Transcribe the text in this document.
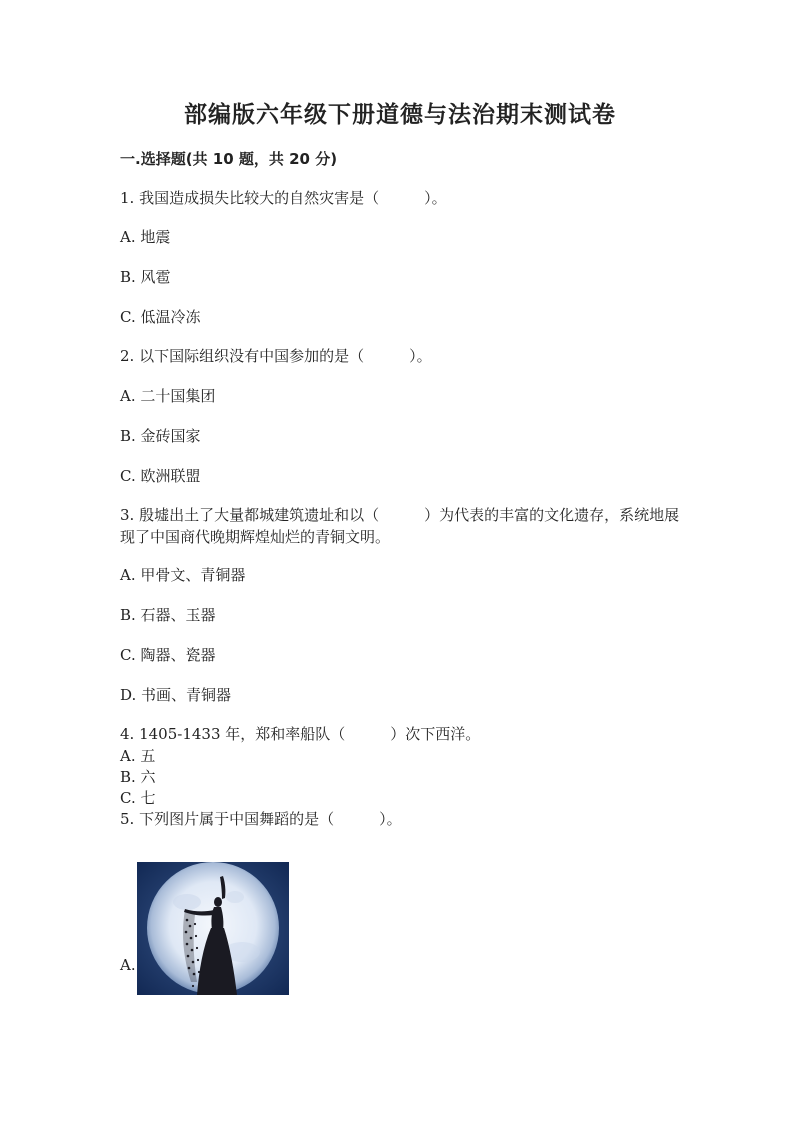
部编版六年级下册道德与法治期末测试卷
一.选择题(共 10 题，共 20 分)
1. 我国造成损失比较大的自然灾害是（　　　）。
A. 地震
B. 风雹
C. 低温冷冻
2. 以下国际组织没有中国参加的是（　　　）。
A. 二十国集团
B. 金砖国家
C. 欧洲联盟
3. 殷墟出土了大量都城建筑遗址和以（　　　）为代表的丰富的文化遗存，系统地展现了中国商代晚期辉煌灿烂的青铜文明。
A. 甲骨文、青铜器
B. 石器、玉器
C. 陶器、瓷器
D. 书画、青铜器
4. 1405-1433 年，郑和率船队（　　　）次下西洋。
A. 五
B. 六
C. 七
5. 下列图片属于中国舞蹈的是（　　　）。
A.
